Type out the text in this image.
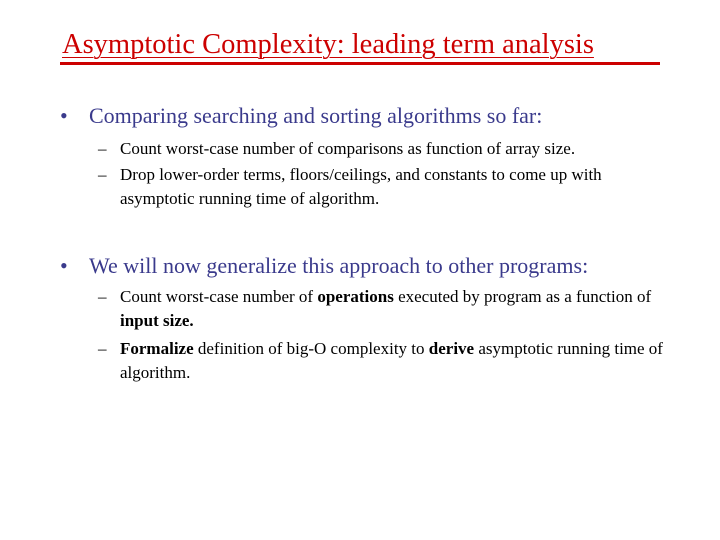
Asymptotic Complexity: leading term analysis
• Comparing searching and sorting algorithms so far:
– Count worst-case number of comparisons as function of array size.
– Drop lower-order terms, floors/ceilings, and constants to come up with asymptotic running time of algorithm.
• We will now generalize this approach to other programs:
– Count worst-case number of operations executed by program as a function of input size.
– Formalize definition of big-O complexity to derive asymptotic running time of algorithm.
